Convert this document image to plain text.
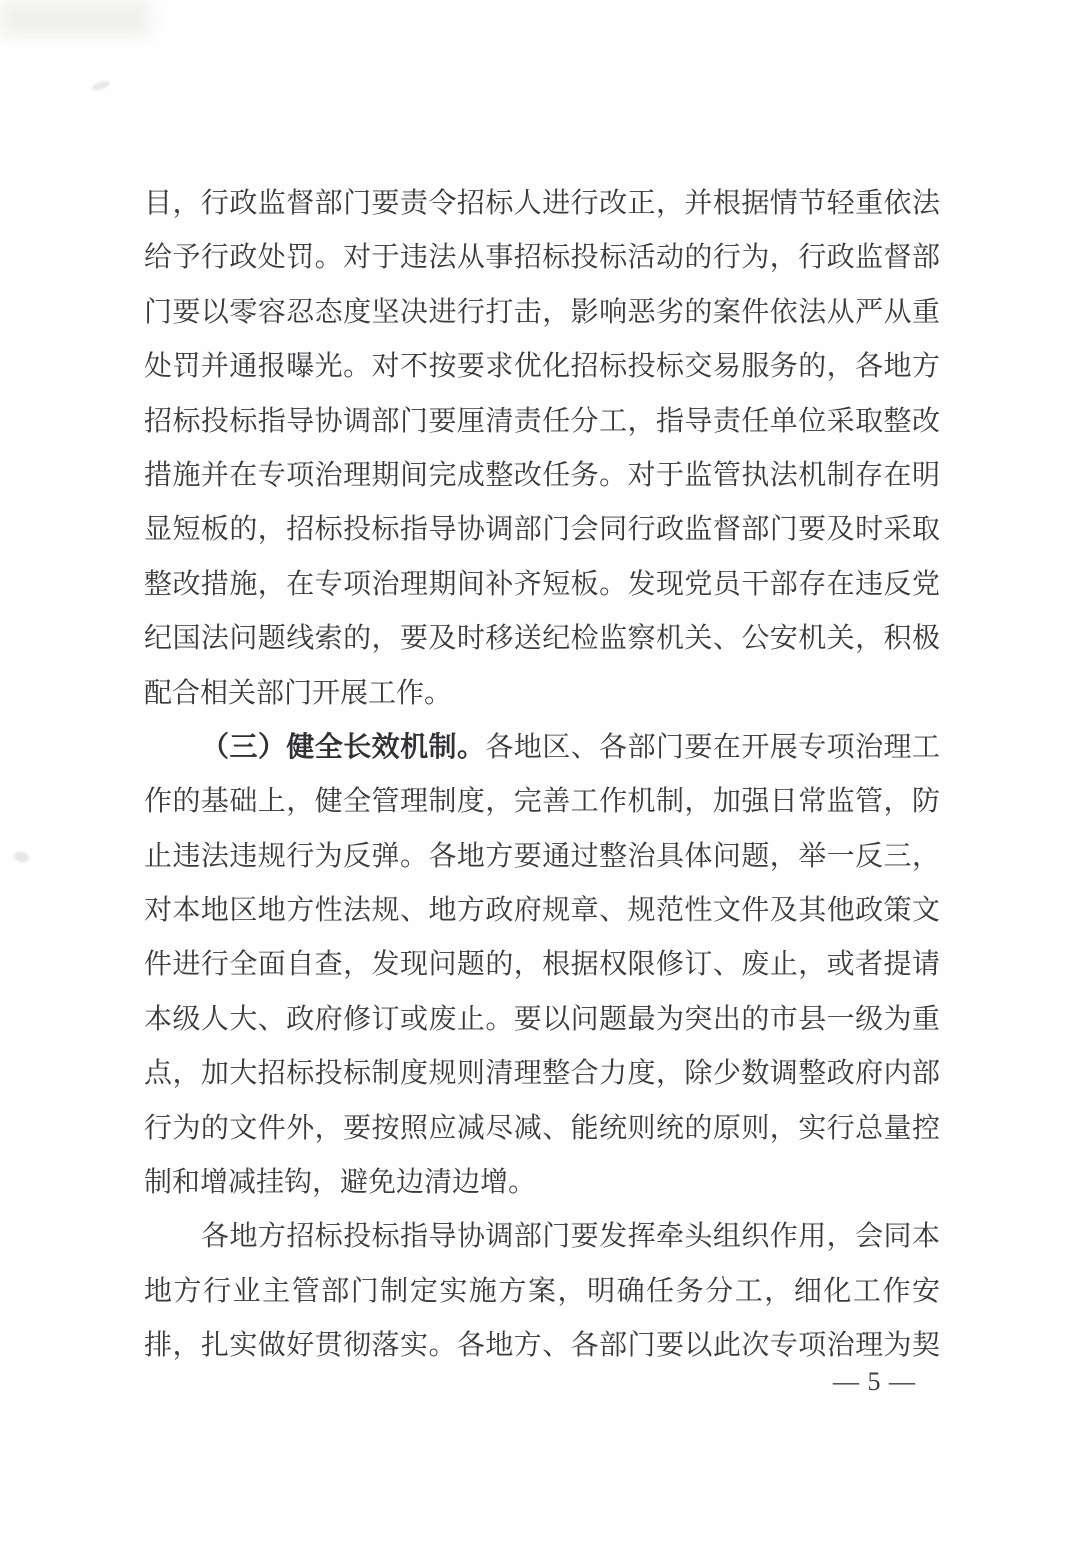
目，行政监督部门要责令招标人进行改正，并根据情节轻重依法
给予行政处罚。对于违法从事招标投标活动的行为，行政监督部
门要以零容忍态度坚决进行打击，影响恶劣的案件依法从严从重
处罚并通报曝光。对不按要求优化招标投标交易服务的，各地方
招标投标指导协调部门要厘清责任分工，指导责任单位采取整改
措施并在专项治理期间完成整改任务。对于监管执法机制存在明
显短板的，招标投标指导协调部门会同行政监督部门要及时采取
整改措施，在专项治理期间补齐短板。发现党员干部存在违反党
纪国法问题线索的，要及时移送纪检监察机关、公安机关，积极
配合相关部门开展工作。
（三）健全长效机制。各地区、各部门要在开展专项治理工
作的基础上，健全管理制度，完善工作机制，加强日常监管，防
止违法违规行为反弹。各地方要通过整治具体问题，举一反三，
对本地区地方性法规、地方政府规章、规范性文件及其他政策文
件进行全面自查，发现问题的，根据权限修订、废止，或者提请
本级人大、政府修订或废止。要以问题最为突出的市县一级为重
点，加大招标投标制度规则清理整合力度，除少数调整政府内部
行为的文件外，要按照应减尽减、能统则统的原则，实行总量控
制和增减挂钩，避免边清边增。
各地方招标投标指导协调部门要发挥牵头组织作用，会同本
地方行业主管部门制定实施方案，明确任务分工，细化工作安
排，扎实做好贯彻落实。各地方、各部门要以此次专项治理为契
— 5 —
